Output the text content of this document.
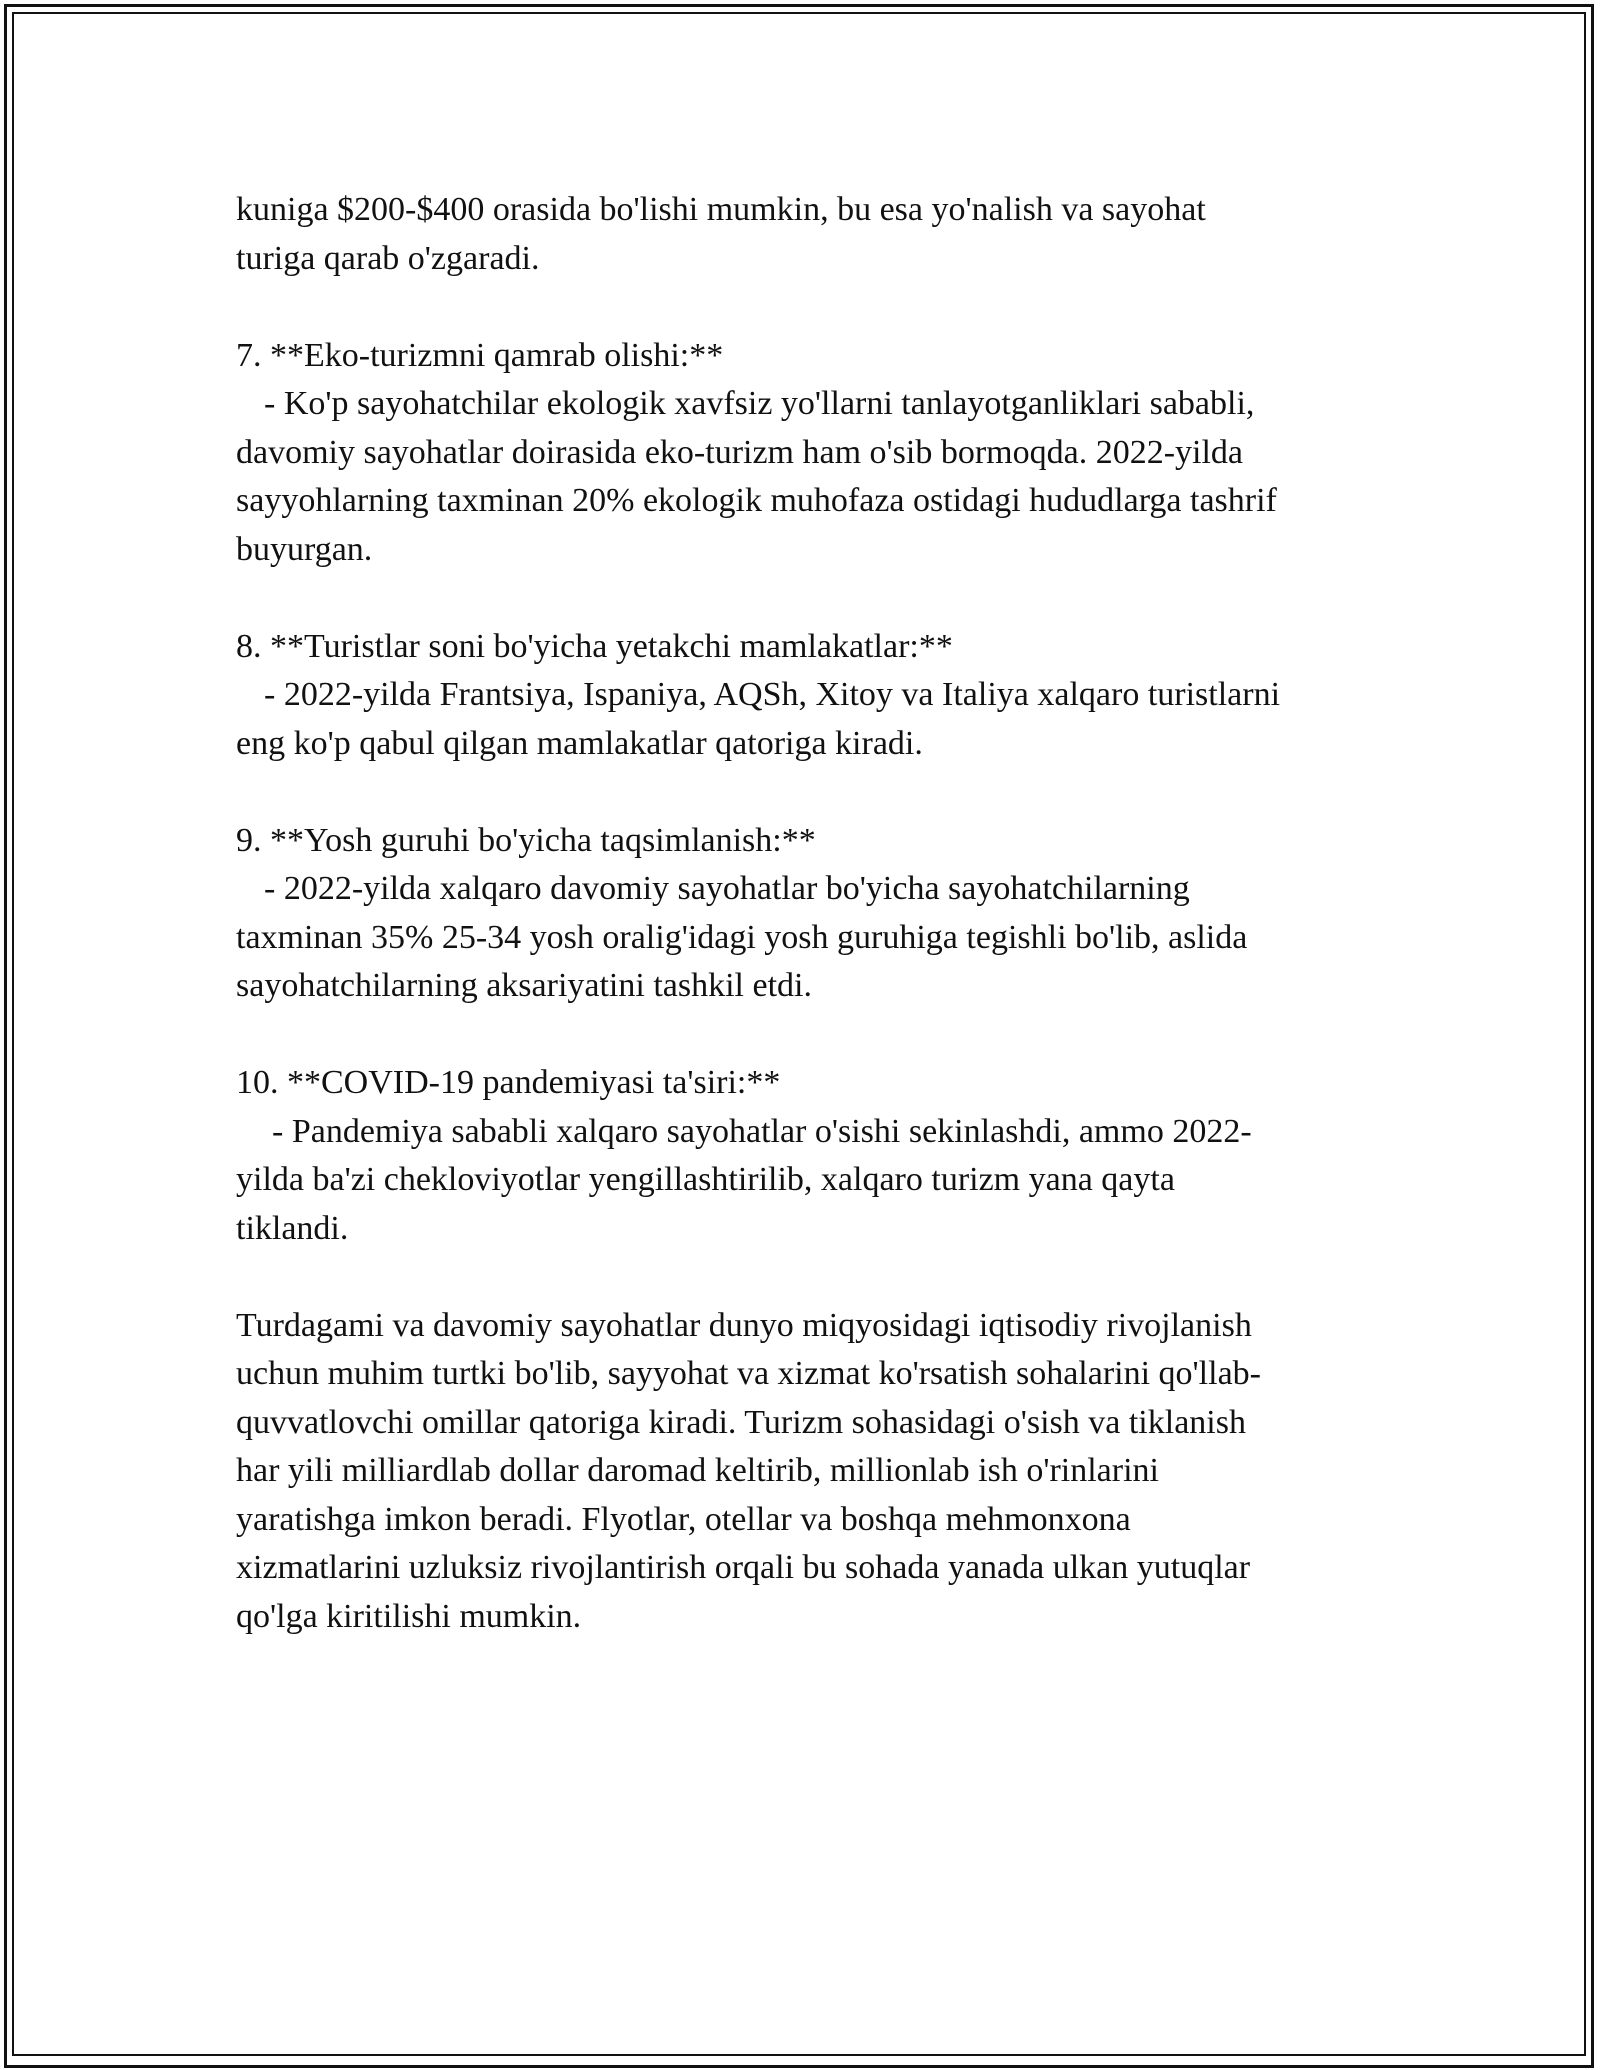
kuniga $200-$400 orasida bo'lishi mumkin, bu esa yo'nalish va sayohat

turiga qarab o'zgaradi.

7. **Eko-turizmni qamrab olishi:**

- Ko'p sayohatchilar ekologik xavfsiz yo'llarni tanlayotganliklari sababli,

davomiy sayohatlar doirasida eko-turizm ham o'sib bormoqda. 2022-yilda

sayyohlarning taxminan 20% ekologik muhofaza ostidagi hududlarga tashrif

buyurgan.

8. **Turistlar soni bo'yicha yetakchi mamlakatlar:**

- 2022-yilda Frantsiya, Ispaniya, AQSh, Xitoy va Italiya xalqaro turistlarni

eng ko'p qabul qilgan mamlakatlar qatoriga kiradi.

9. **Yosh guruhi bo'yicha taqsimlanish:**

- 2022-yilda xalqaro davomiy sayohatlar bo'yicha sayohatchilarning

taxminan 35% 25-34 yosh oralig'idagi yosh guruhiga tegishli bo'lib, aslida

sayohatchilarning aksariyatini tashkil etdi.

10. **COVID-19 pandemiyasi ta'siri:**

- Pandemiya sababli xalqaro sayohatlar o'sishi sekinlashdi, ammo 2022-

yilda ba'zi chekloviyotlar yengillashtirilib, xalqaro turizm yana qayta

tiklandi.

Turdagami va davomiy sayohatlar dunyo miqyosidagi iqtisodiy rivojlanish

uchun muhim turtki bo'lib, sayyohat va xizmat ko'rsatish sohalarini qo'llab-

quvvatlovchi omillar qatoriga kiradi. Turizm sohasidagi o'sish va tiklanish

har yili milliardlab dollar daromad keltirib, millionlab ish o'rinlarini

yaratishga imkon beradi. Flyotlar, otellar va boshqa mehmonxona

xizmatlarini uzluksiz rivojlantirish orqali bu sohada yanada ulkan yutuqlar

qo'lga kiritilishi mumkin.
